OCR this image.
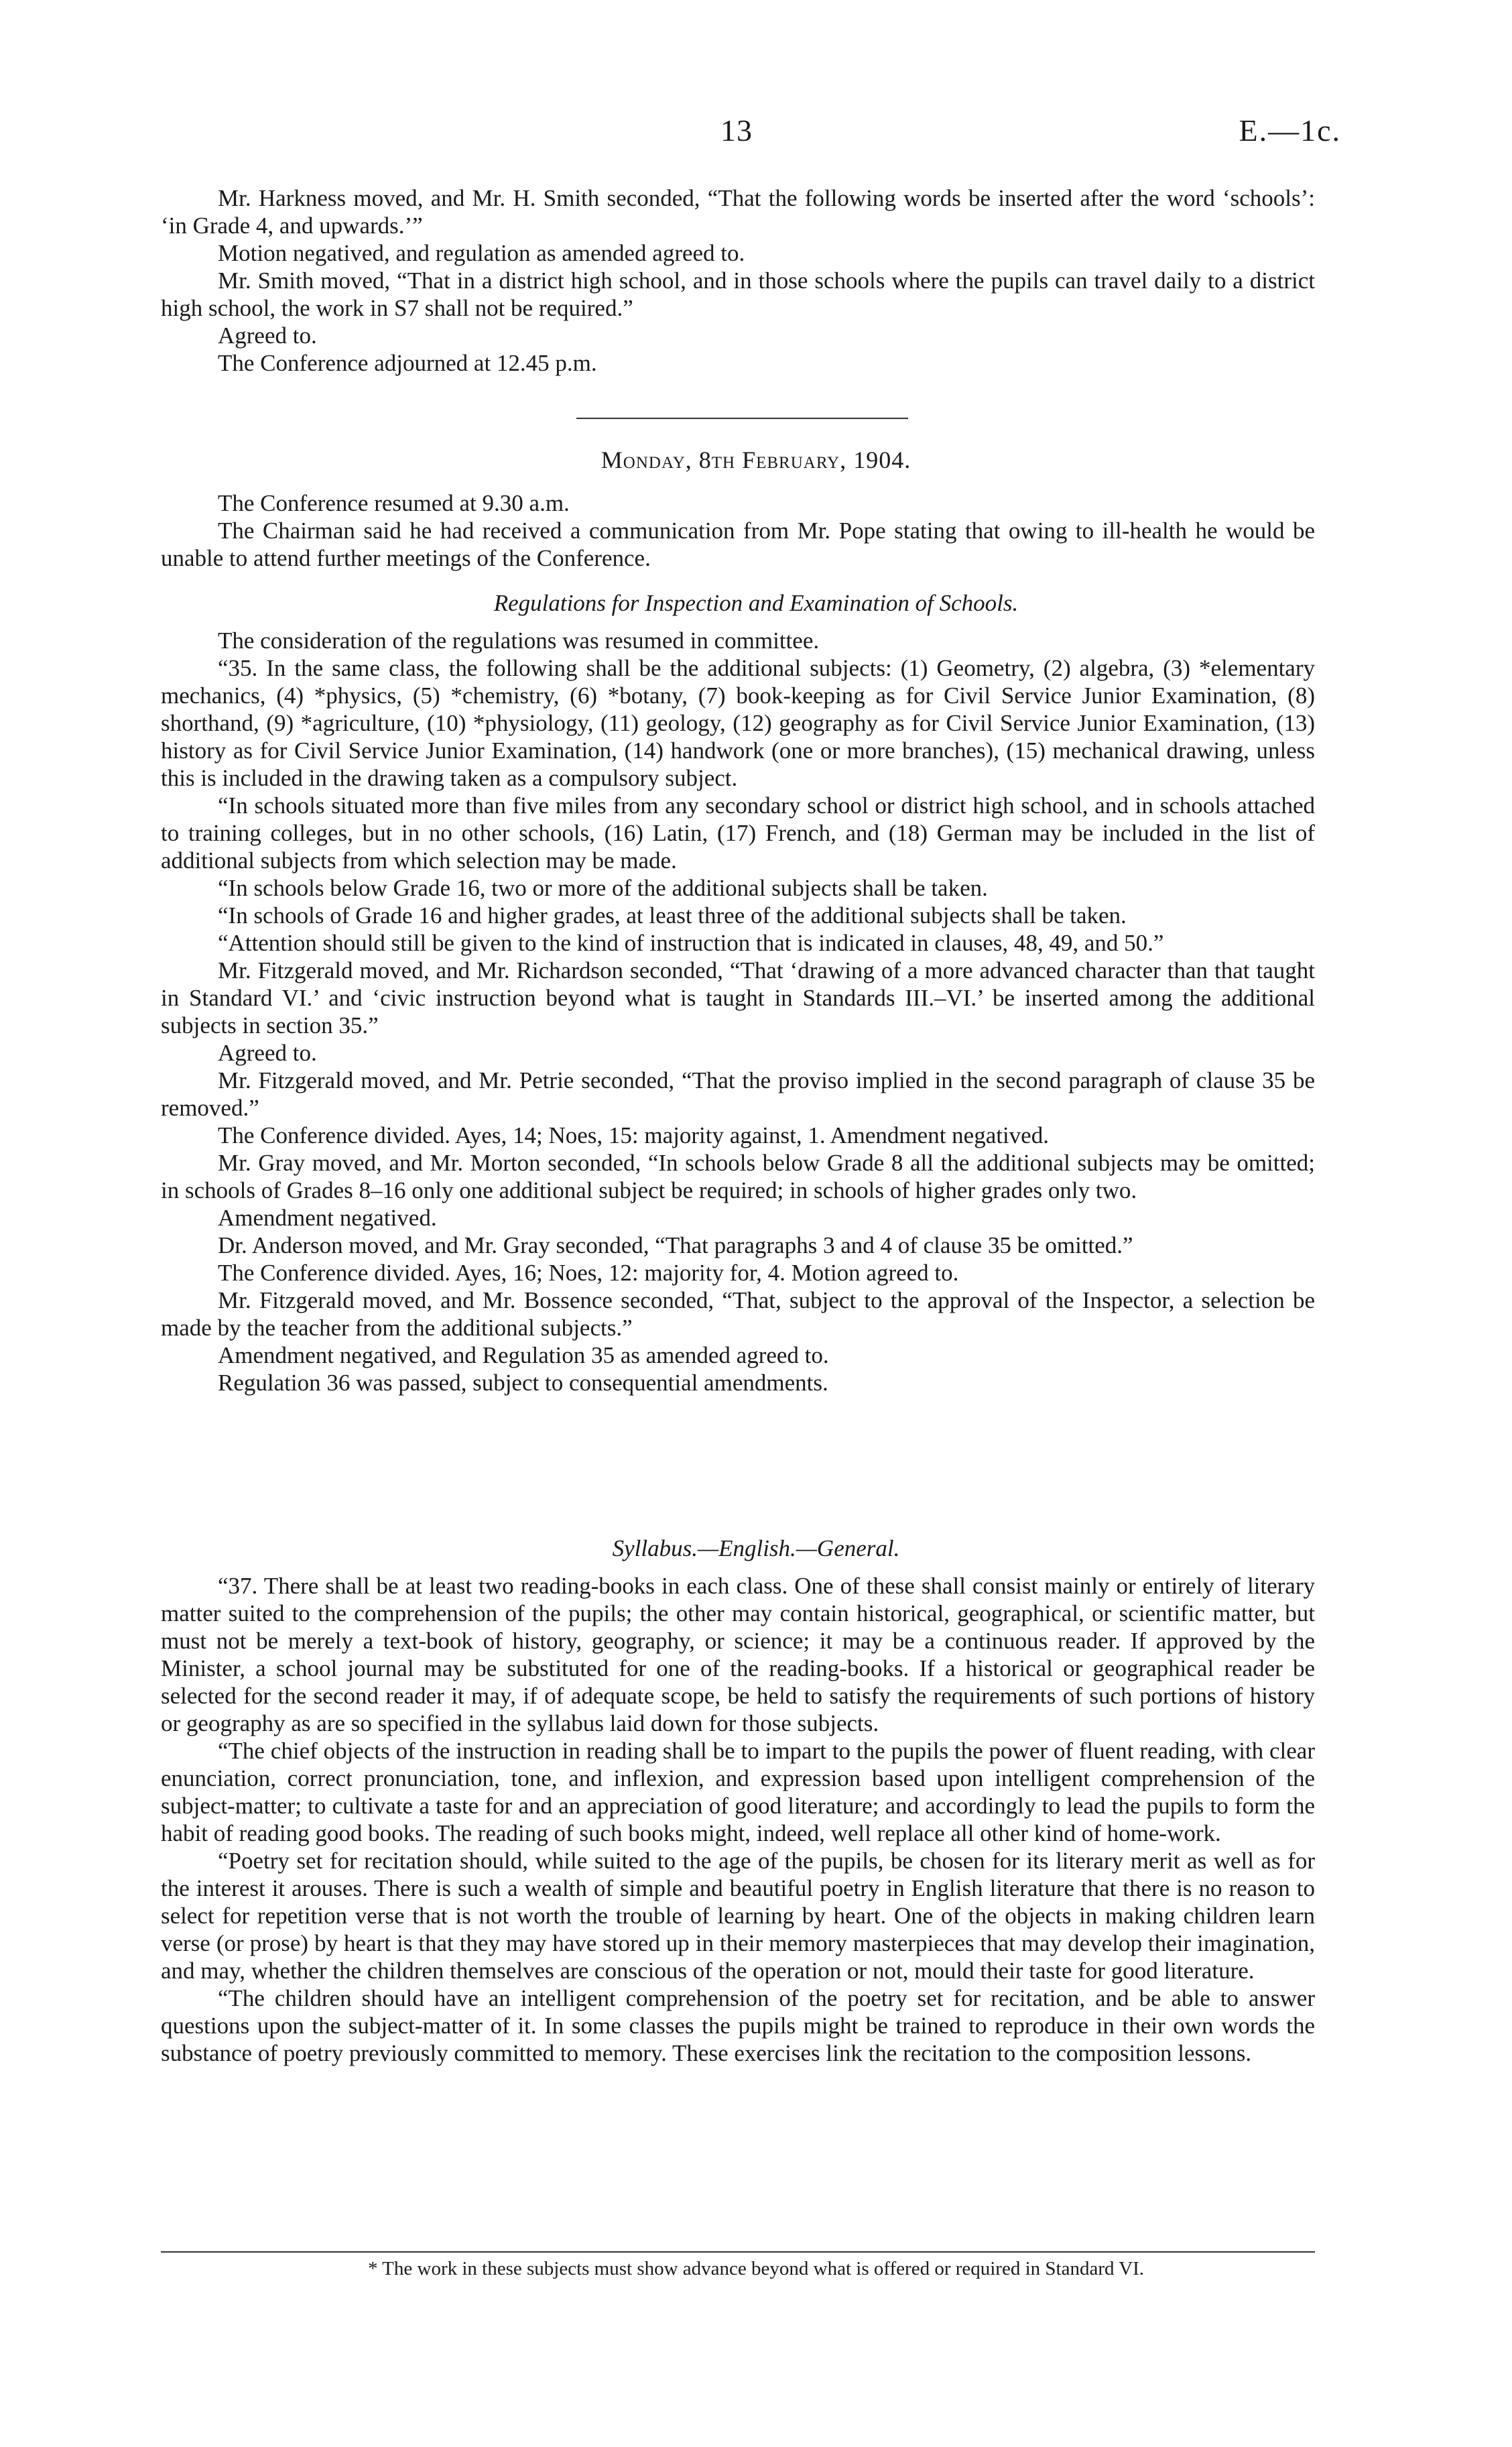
13	E.—1c.

Mr. Harkness moved, and Mr. H. Smith seconded, “That the following words be inserted after the word ‘schools’: ‘in Grade 4, and upwards.’”

Motion negatived, and regulation as amended agreed to.

Mr. Smith moved, “That in a district high school, and in those schools where the pupils can travel daily to a district high school, the work in S7 shall not be required.”

Agreed to.

The Conference adjourned at 12.45 p.m.

Monday, 8th February, 1904.

The Conference resumed at 9.30 a.m.

The Chairman said he had received a communication from Mr. Pope stating that owing to ill-health he would be unable to attend further meetings of the Conference.

Regulations for Inspection and Examination of Schools.

The consideration of the regulations was resumed in committee.

“35. In the same class, the following shall be the additional subjects: (1) Geometry, (2) algebra, (3) *elementary mechanics, (4) *physics, (5) *chemistry, (6) *botany, (7) book-keeping as for Civil Service Junior Examination, (8) shorthand, (9) *agriculture, (10) *physiology, (11) geology, (12) geography as for Civil Service Junior Examination, (13) history as for Civil Service Junior Examination, (14) handwork (one or more branches), (15) mechanical drawing, unless this is included in the drawing taken as a compulsory subject.

“In schools situated more than five miles from any secondary school or district high school, and in schools attached to training colleges, but in no other schools, (16) Latin, (17) French, and (18) German may be included in the list of additional subjects from which selection may be made.

“In schools below Grade 16, two or more of the additional subjects shall be taken.

“In schools of Grade 16 and higher grades, at least three of the additional subjects shall be taken.

“Attention should still be given to the kind of instruction that is indicated in clauses, 48, 49, and 50.”

Mr. Fitzgerald moved, and Mr. Richardson seconded, “That ‘drawing of a more advanced character than that taught in Standard VI.’ and ‘civic instruction beyond what is taught in Standards III.–VI.’ be inserted among the additional subjects in section 35.”

Agreed to.

Mr. Fitzgerald moved, and Mr. Petrie seconded, “That the proviso implied in the second paragraph of clause 35 be removed.”

The Conference divided. Ayes, 14; Noes, 15: majority against, 1. Amendment negatived.

Mr. Gray moved, and Mr. Morton seconded, “In schools below Grade 8 all the additional subjects may be omitted; in schools of Grades 8–16 only one additional subject be required; in schools of higher grades only two.

Amendment negatived.

Dr. Anderson moved, and Mr. Gray seconded, “That paragraphs 3 and 4 of clause 35 be omitted.”

The Conference divided. Ayes, 16; Noes, 12: majority for, 4. Motion agreed to.

Mr. Fitzgerald moved, and Mr. Bossence seconded, “That, subject to the approval of the Inspector, a selection be made by the teacher from the additional subjects.”

Amendment negatived, and Regulation 35 as amended agreed to.

Regulation 36 was passed, subject to consequential amendments.

Syllabus.—English.—General.

“37. There shall be at least two reading-books in each class. One of these shall consist mainly or entirely of literary matter suited to the comprehension of the pupils; the other may contain historical, geographical, or scientific matter, but must not be merely a text-book of history, geography, or science; it may be a continuous reader. If approved by the Minister, a school journal may be substituted for one of the reading-books. If a historical or geographical reader be selected for the second reader it may, if of adequate scope, be held to satisfy the requirements of such portions of history or geography as are so specified in the syllabus laid down for those subjects.

“The chief objects of the instruction in reading shall be to impart to the pupils the power of fluent reading, with clear enunciation, correct pronunciation, tone, and inflexion, and expression based upon intelligent comprehension of the subject-matter; to cultivate a taste for and an appreciation of good literature; and accordingly to lead the pupils to form the habit of reading good books. The reading of such books might, indeed, well replace all other kind of home-work.

“Poetry set for recitation should, while suited to the age of the pupils, be chosen for its literary merit as well as for the interest it arouses. There is such a wealth of simple and beautiful poetry in English literature that there is no reason to select for repetition verse that is not worth the trouble of learning by heart. One of the objects in making children learn verse (or prose) by heart is that they may have stored up in their memory masterpieces that may develop their imagination, and may, whether the children themselves are conscious of the operation or not, mould their taste for good literature.

“The children should have an intelligent comprehension of the poetry set for recitation, and be able to answer questions upon the subject-matter of it. In some classes the pupils might be trained to reproduce in their own words the substance of poetry previously committed to memory. These exercises link the recitation to the composition lessons.

* The work in these subjects must show advance beyond what is offered or required in Standard VI.
